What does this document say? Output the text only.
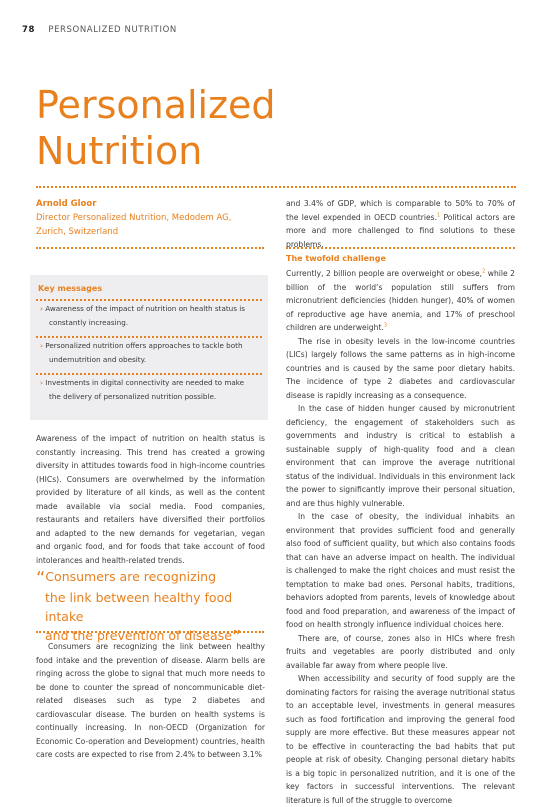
78 PERSONALIZED NUTRITION
Personalized
Nutrition
Arnold Gloor
Director Personalized Nutrition, Medodem AG,
Zurich, Switzerland
Key messages
› Awareness of the impact of nutrition on health status is
constantly increasing.
› Personalized nutrition offers approaches to tackle both
undernutrition and obesity.
› Investments in digital connectivity are needed to make
the delivery of personalized nutrition possible.

Awareness of the impact of nutrition on health status is constantly increasing. This trend has created a growing diversity in attitudes towards food in high-income countries (HICs). Consumers are overwhelmed by the information provided by literature of all kinds, as well as the content made available via social media. Food companies, restaurants and retailers have diversified their portfolios and adapted to the new demands for vegetarian, vegan and organic food, and for foods that take account of food intolerances and health-related trends.

“Consumers are recognizing
the link between healthy food intake
and the prevention of disease”

Consumers are recognizing the link between healthy food intake and the prevention of disease. Alarm bells are ringing across the globe to signal that much more needs to be done to counter the spread of noncommunicable diet-related diseases such as type 2 diabetes and cardiovascular disease. The burden on health systems is continually increasing. In non-OECD (Organization for Economic Co-operation and Development) countries, health care costs are expected to rise from 2.4% to between 3.1%

and 3.4% of GDP, which is comparable to 50% to 70% of the level expended in OECD countries.$^1$ Political actors are more and more challenged to find solutions to these problems.

The twofold challenge

Currently, 2 billion people are overweight or obese,$^2$ while 2 billion of the world’s population still suffers from micronutrient deficiencies (hidden hunger), 40% of women of reproductive age have anemia, and 17% of preschool children are underweight.$^3$

The rise in obesity levels in the low-income countries (LICs) largely follows the same patterns as in high-income countries and is caused by the same poor dietary habits. The incidence of type 2 diabetes and cardiovascular disease is rapidly increasing as a consequence.

In the case of hidden hunger caused by micronutrient deficiency, the engagement of stakeholders such as governments and industry is critical to establish a sustainable supply of high-quality food and a clean environment that can improve the average nutritional status of the individual. Individuals in this environment lack the power to significantly improve their personal situation, and are thus highly vulnerable.

In the case of obesity, the individual inhabits an environment that provides sufficient food and generally also food of sufficient quality, but which also contains foods that can have an adverse impact on health. The individual is challenged to make the right choices and must resist the temptation to make bad ones. Personal habits, traditions, behaviors adopted from parents, levels of knowledge about food and food preparation, and awareness of the impact of food on health strongly influence individual choices here.

There are, of course, zones also in HICs where fresh fruits and vegetables are poorly distributed and only available far away from where people live.

When accessibility and security of food supply are the dominating factors for raising the average nutritional status to an acceptable level, investments in general measures such as food fortification and improving the general food supply are more effective. But these measures appear not to be effective in counteracting the bad habits that put people at risk of obesity. Changing personal dietary habits is a big topic in personalized nutrition, and it is one of the key factors in successful interventions. The relevant literature is full of the struggle to overcome
